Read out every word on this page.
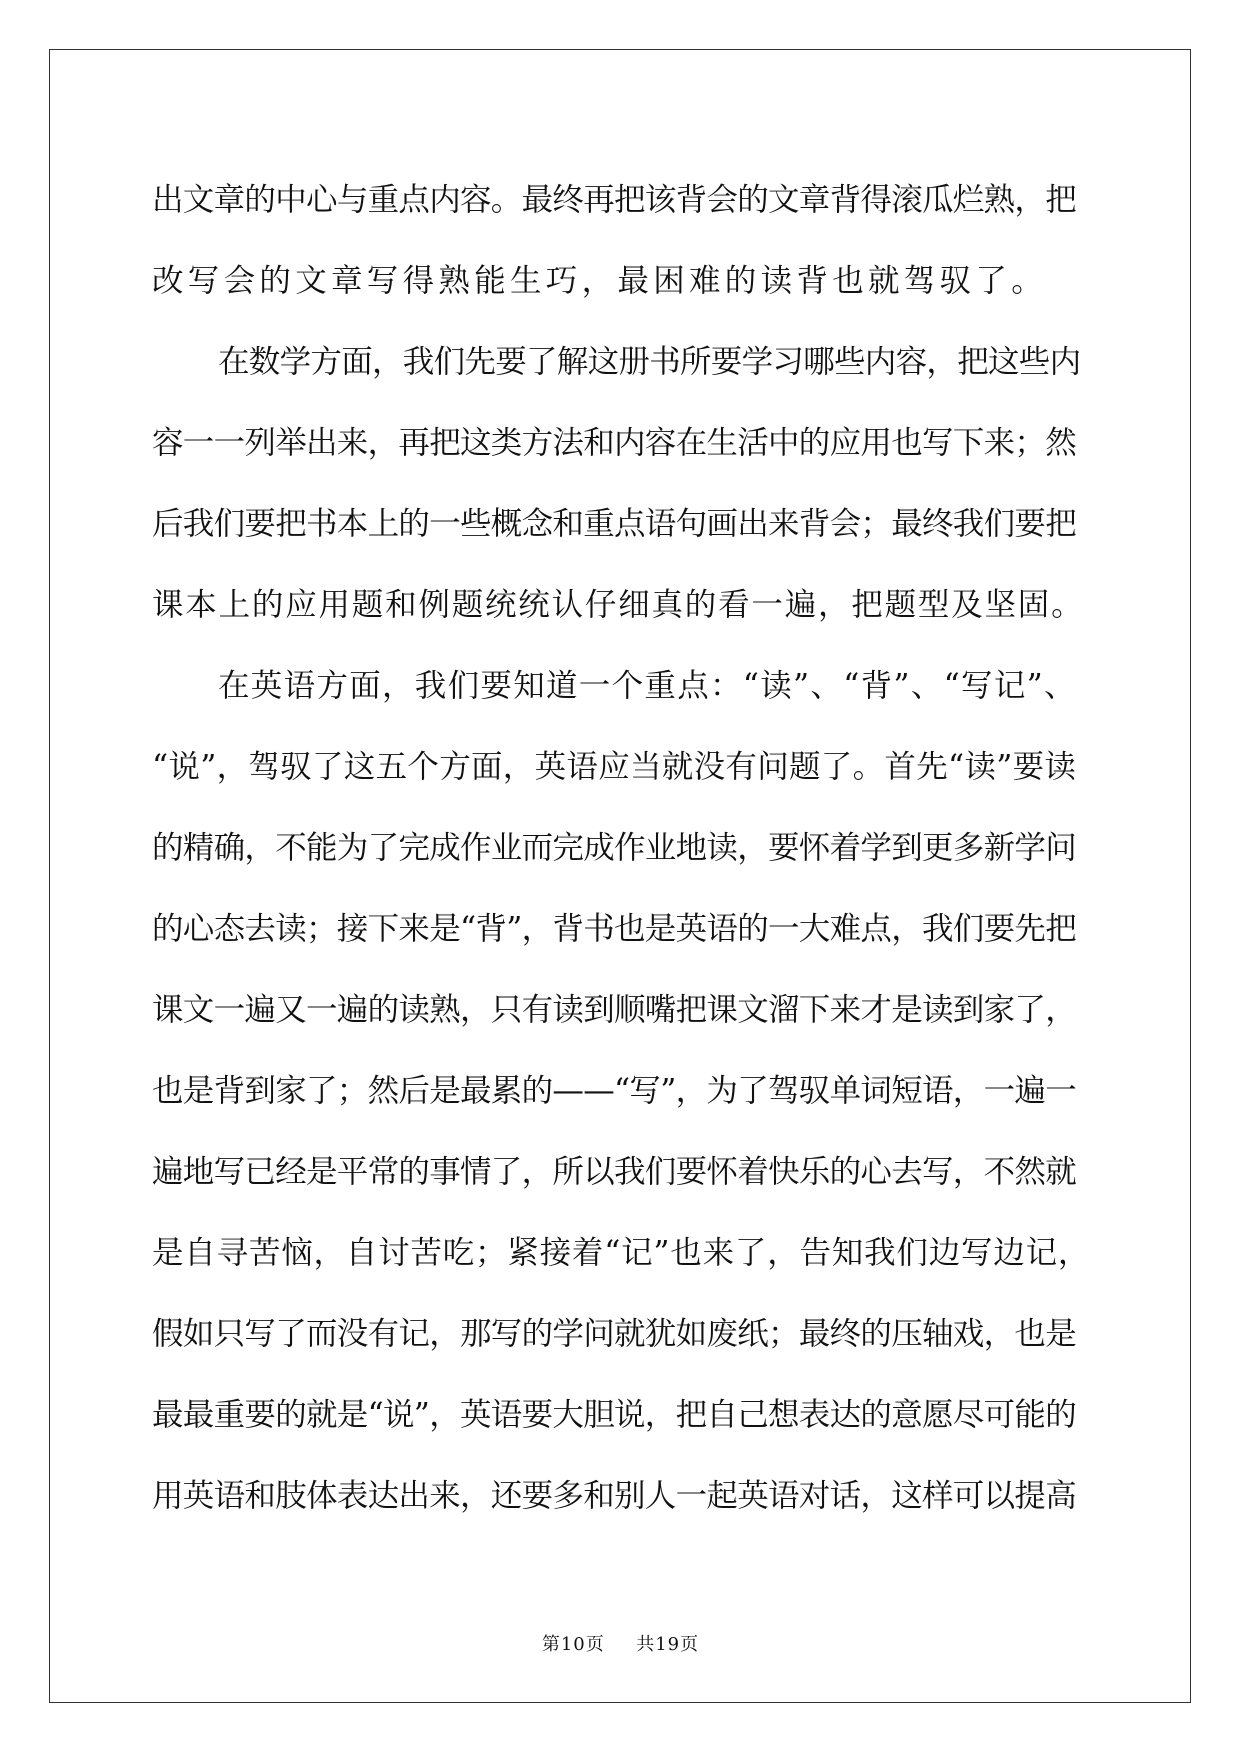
出文章的中心与重点内容。最终再把该背会的文章背得滚瓜烂熟，把
改写会的文章写得熟能生巧，最困难的读背也就驾驭了。
在数学方面，我们先要了解这册书所要学习哪些内容，把这些内
容一一列举出来，再把这类方法和内容在生活中的应用也写下来；然
后我们要把书本上的一些概念和重点语句画出来背会；最终我们要把
课本上的应用题和例题统统认仔细真的看一遍，把题型及坚固。
在英语方面，我们要知道一个重点：“读”、“背”、“写记”、
“说”，驾驭了这五个方面，英语应当就没有问题了。首先“读”要读
的精确，不能为了完成作业而完成作业地读，要怀着学到更多新学问
的心态去读；接下来是“背”，背书也是英语的一大难点，我们要先把
课文一遍又一遍的读熟，只有读到顺嘴把课文溜下来才是读到家了，
也是背到家了；然后是最累的——“写”，为了驾驭单词短语，一遍一
遍地写已经是平常的事情了，所以我们要怀着快乐的心去写，不然就
是自寻苦恼，自讨苦吃；紧接着“记”也来了，告知我们边写边记，
假如只写了而没有记，那写的学问就犹如废纸；最终的压轴戏，也是
最最重要的就是“说”，英语要大胆说，把自己想表达的意愿尽可能的
用英语和肢体表达出来，还要多和别人一起英语对话，这样可以提高
第10页 共19页
